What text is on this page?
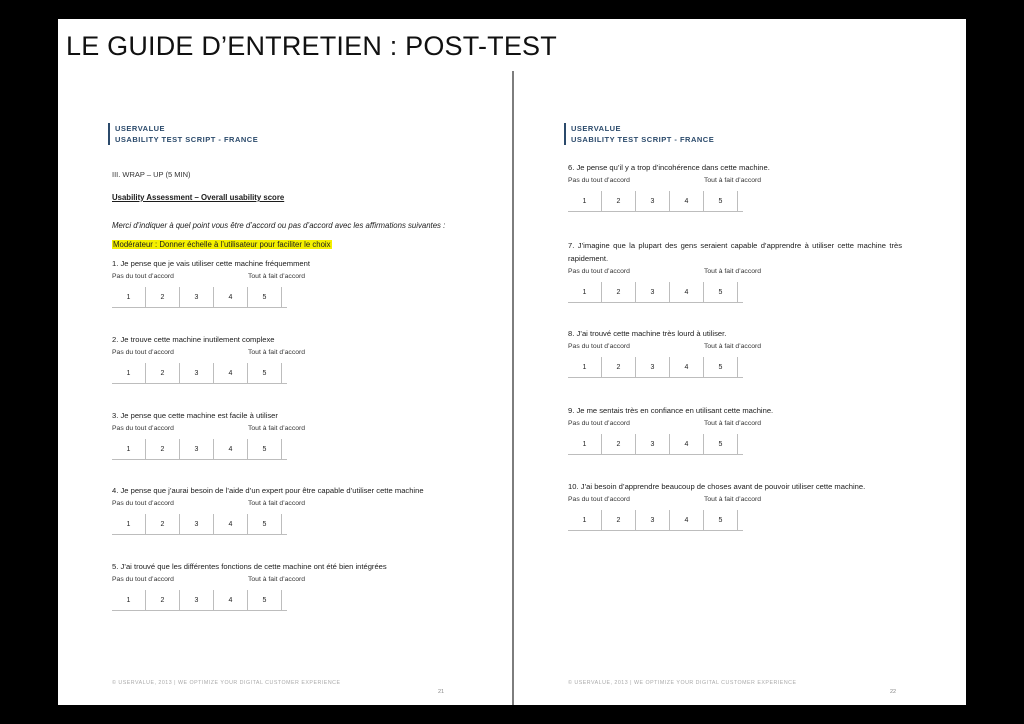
LE GUIDE D’ENTRETIEN : POST-TEST
USERVALUE
USABILITY TEST SCRIPT - FRANCE
III. WRAP – UP (5 MIN)
Usability Assessment – Overall usability score
Merci d’indiquer à quel point vous être d’accord ou pas d’accord avec les affirmations suivantes :
Modérateur : Donner échelle à l’utilisateur pour faciliter le choix
1. Je pense que je vais utiliser cette machine fréquemment
Pas du tout d’accord	Tout à fait d’accord
1	2	3	4	5
2. Je trouve cette machine inutilement complexe
Pas du tout d’accord	Tout à fait d’accord
1	2	3	4	5
3. Je pense que cette machine est facile à utiliser
Pas du tout d’accord	Tout à fait d’accord
1	2	3	4	5
4. Je pense que j’aurai besoin de l’aide d’un expert pour être capable d’utiliser cette machine
Pas du tout d’accord	Tout à fait d’accord
1	2	3	4	5
5. J’ai trouvé que les différentes fonctions de cette machine ont été bien intégrées
Pas du tout d’accord	Tout à fait d’accord
1	2	3	4	5
© USERVALUE, 2013 | WE OPTIMIZE YOUR DIGITAL CUSTOMER EXPERIENCE
21
USERVALUE
USABILITY TEST SCRIPT - FRANCE
6. Je pense qu’il y a trop d’incohérence dans cette machine.
Pas du tout d’accord	Tout à fait d’accord
1	2	3	4	5
7. J’imagine que la plupart des gens seraient capable d’apprendre à utiliser cette machine très rapidement.
Pas du tout d’accord	Tout à fait d’accord
1	2	3	4	5
8. J’ai trouvé cette machine très lourd à utiliser.
Pas du tout d’accord	Tout à fait d’accord
1	2	3	4	5
9. Je me sentais très en confiance en utilisant cette machine.
Pas du tout d’accord	Tout à fait d’accord
1	2	3	4	5
10. J’ai besoin d’apprendre beaucoup de choses avant de pouvoir utiliser cette machine.
Pas du tout d’accord	Tout à fait d’accord
1	2	3	4	5
© USERVALUE, 2013 | WE OPTIMIZE YOUR DIGITAL CUSTOMER EXPERIENCE
22
